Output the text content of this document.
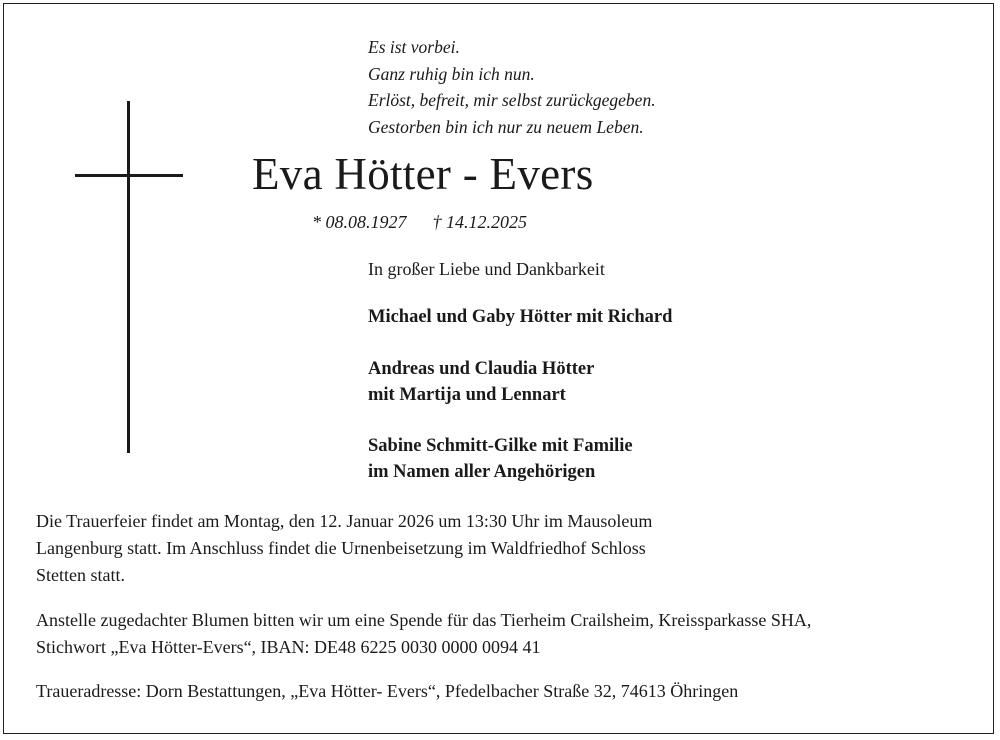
Es ist vorbei.
Ganz ruhig bin ich nun.
Erlöst, befreit, mir selbst zurückgegeben.
Gestorben bin ich nur zu neuem Leben.
Eva Hötter - Evers
* 08.08.1927 † 14.12.2025
In großer Liebe und Dankbarkeit
Michael und Gaby Hötter mit Richard
Andreas und Claudia Hötter
mit Martija und Lennart
Sabine Schmitt-Gilke mit Familie
im Namen aller Angehörigen
Die Trauerfeier findet am Montag, den 12. Januar 2026 um 13:30 Uhr im Mausoleum
Langenburg statt. Im Anschluss findet die Urnenbeisetzung im Waldfriedhof Schloss
Stetten statt.
Anstelle zugedachter Blumen bitten wir um eine Spende für das Tierheim Crailsheim, Kreissparkasse SHA,
Stichwort „Eva Hötter-Evers“, IBAN: DE48 6225 0030 0000 0094 41
Traueradresse: Dorn Bestattungen, „Eva Hötter- Evers“, Pfedelbacher Straße 32, 74613 Öhringen
